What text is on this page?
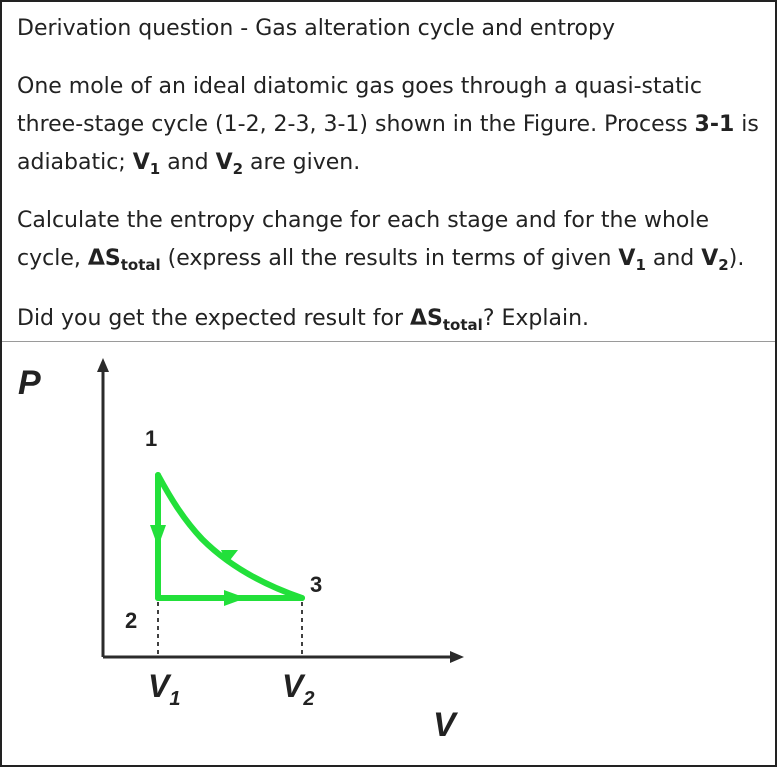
Derivation question - Gas alteration cycle and entropy
One mole of an ideal diatomic gas goes through a quasi-static three-stage cycle (1-2, 2-3, 3-1) shown in the Figure. Process 3-1 is adiabatic; $V_1$ and $V_2$ are given.
Calculate the entropy change for each stage and for the whole cycle, $\Delta S_{total}$ (express all the results in terms of given $V_1$ and $V_2$).
Did you get the expected result for $\Delta S_{total}$? Explain.
P
V
1
2
3
$V_1$	$V_2$
